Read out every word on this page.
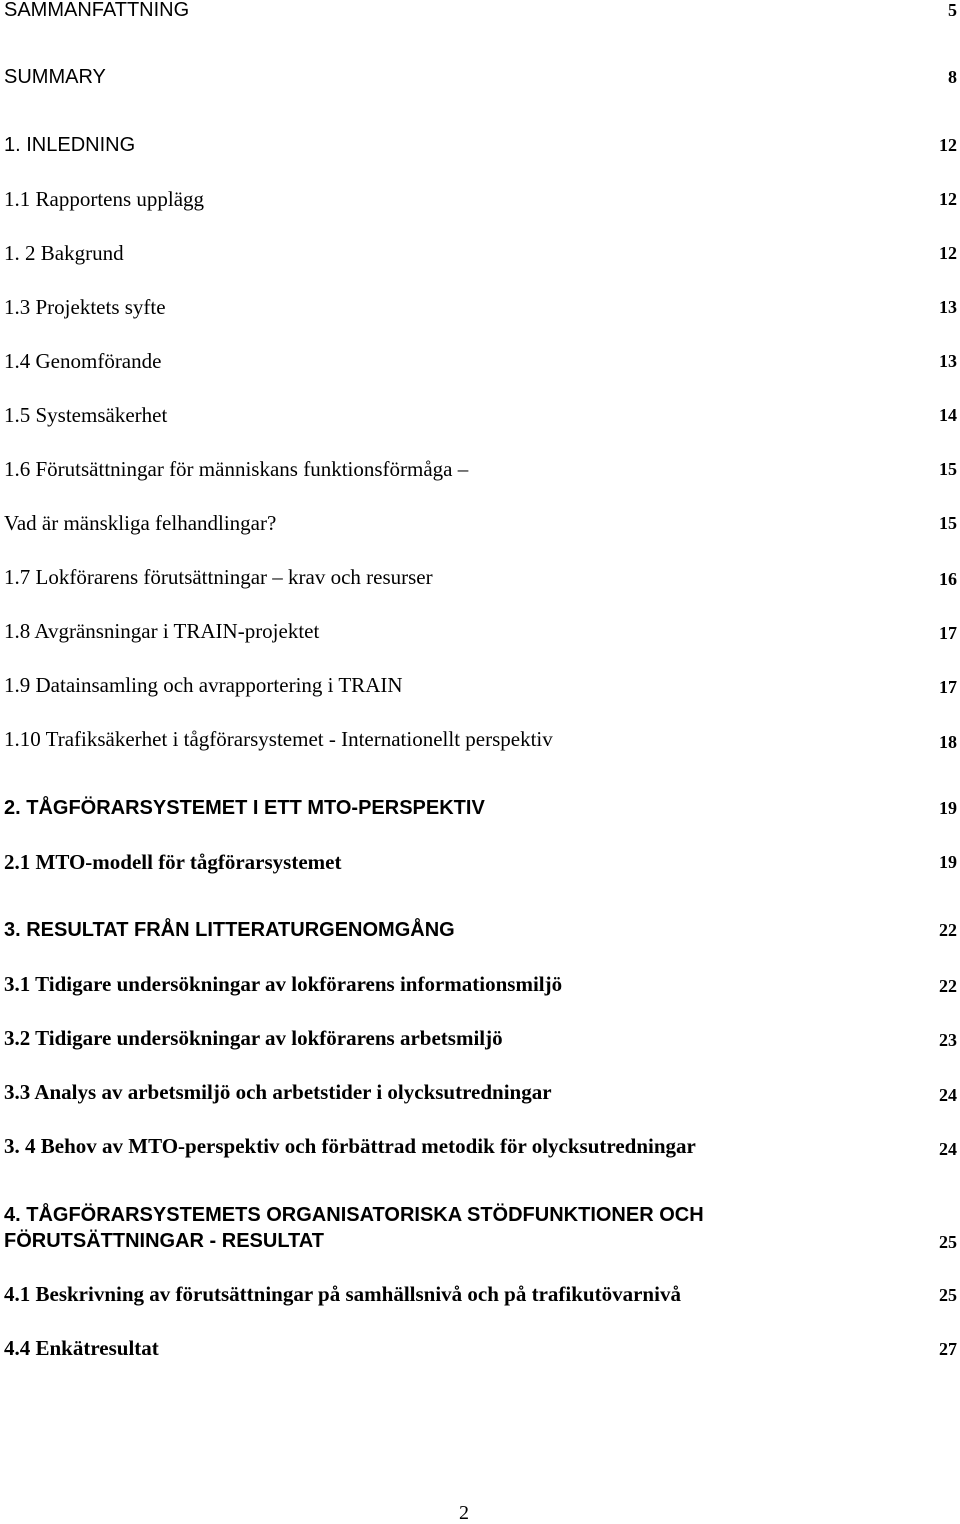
SAMMANFATTNING	5
SUMMARY	8
1. INLEDNING	12
1.1 Rapportens upplägg	12
1. 2 Bakgrund	12
1.3 Projektets syfte	13
1.4 Genomförande	13
1.5 Systemsäkerhet	14
1.6 Förutsättningar för människans funktionsförmåga –	15
Vad är mänskliga felhandlingar?	15
1.7 Lokförarens förutsättningar – krav och resurser	16
1.8 Avgränsningar i TRAIN-projektet	17
1.9 Datainsamling och avrapportering i TRAIN	17
1.10 Trafiksäkerhet i tågförarsystemet - Internationellt perspektiv	18
2. TÅGFÖRARSYSTEMET I ETT MTO-PERSPEKTIV	19
2.1 MTO-modell för tågförarsystemet	19
3. RESULTAT FRÅN LITTERATURGENOMGÅNG	22
3.1 Tidigare undersökningar av lokförarens informationsmiljö	22
3.2 Tidigare undersökningar av lokförarens arbetsmiljö	23
3.3 Analys av arbetsmiljö och arbetstider i olycksutredningar	24
3. 4 Behov av MTO-perspektiv och förbättrad metodik för olycksutredningar	24
4. TÅGFÖRARSYSTEMETS ORGANISATORISKA STÖDFUNKTIONER OCH
FÖRUTSÄTTNINGAR - RESULTAT	25
4.1 Beskrivning av förutsättningar på samhällsnivå och på trafikutövarnivå	25
4.4 Enkätresultat	27
2
